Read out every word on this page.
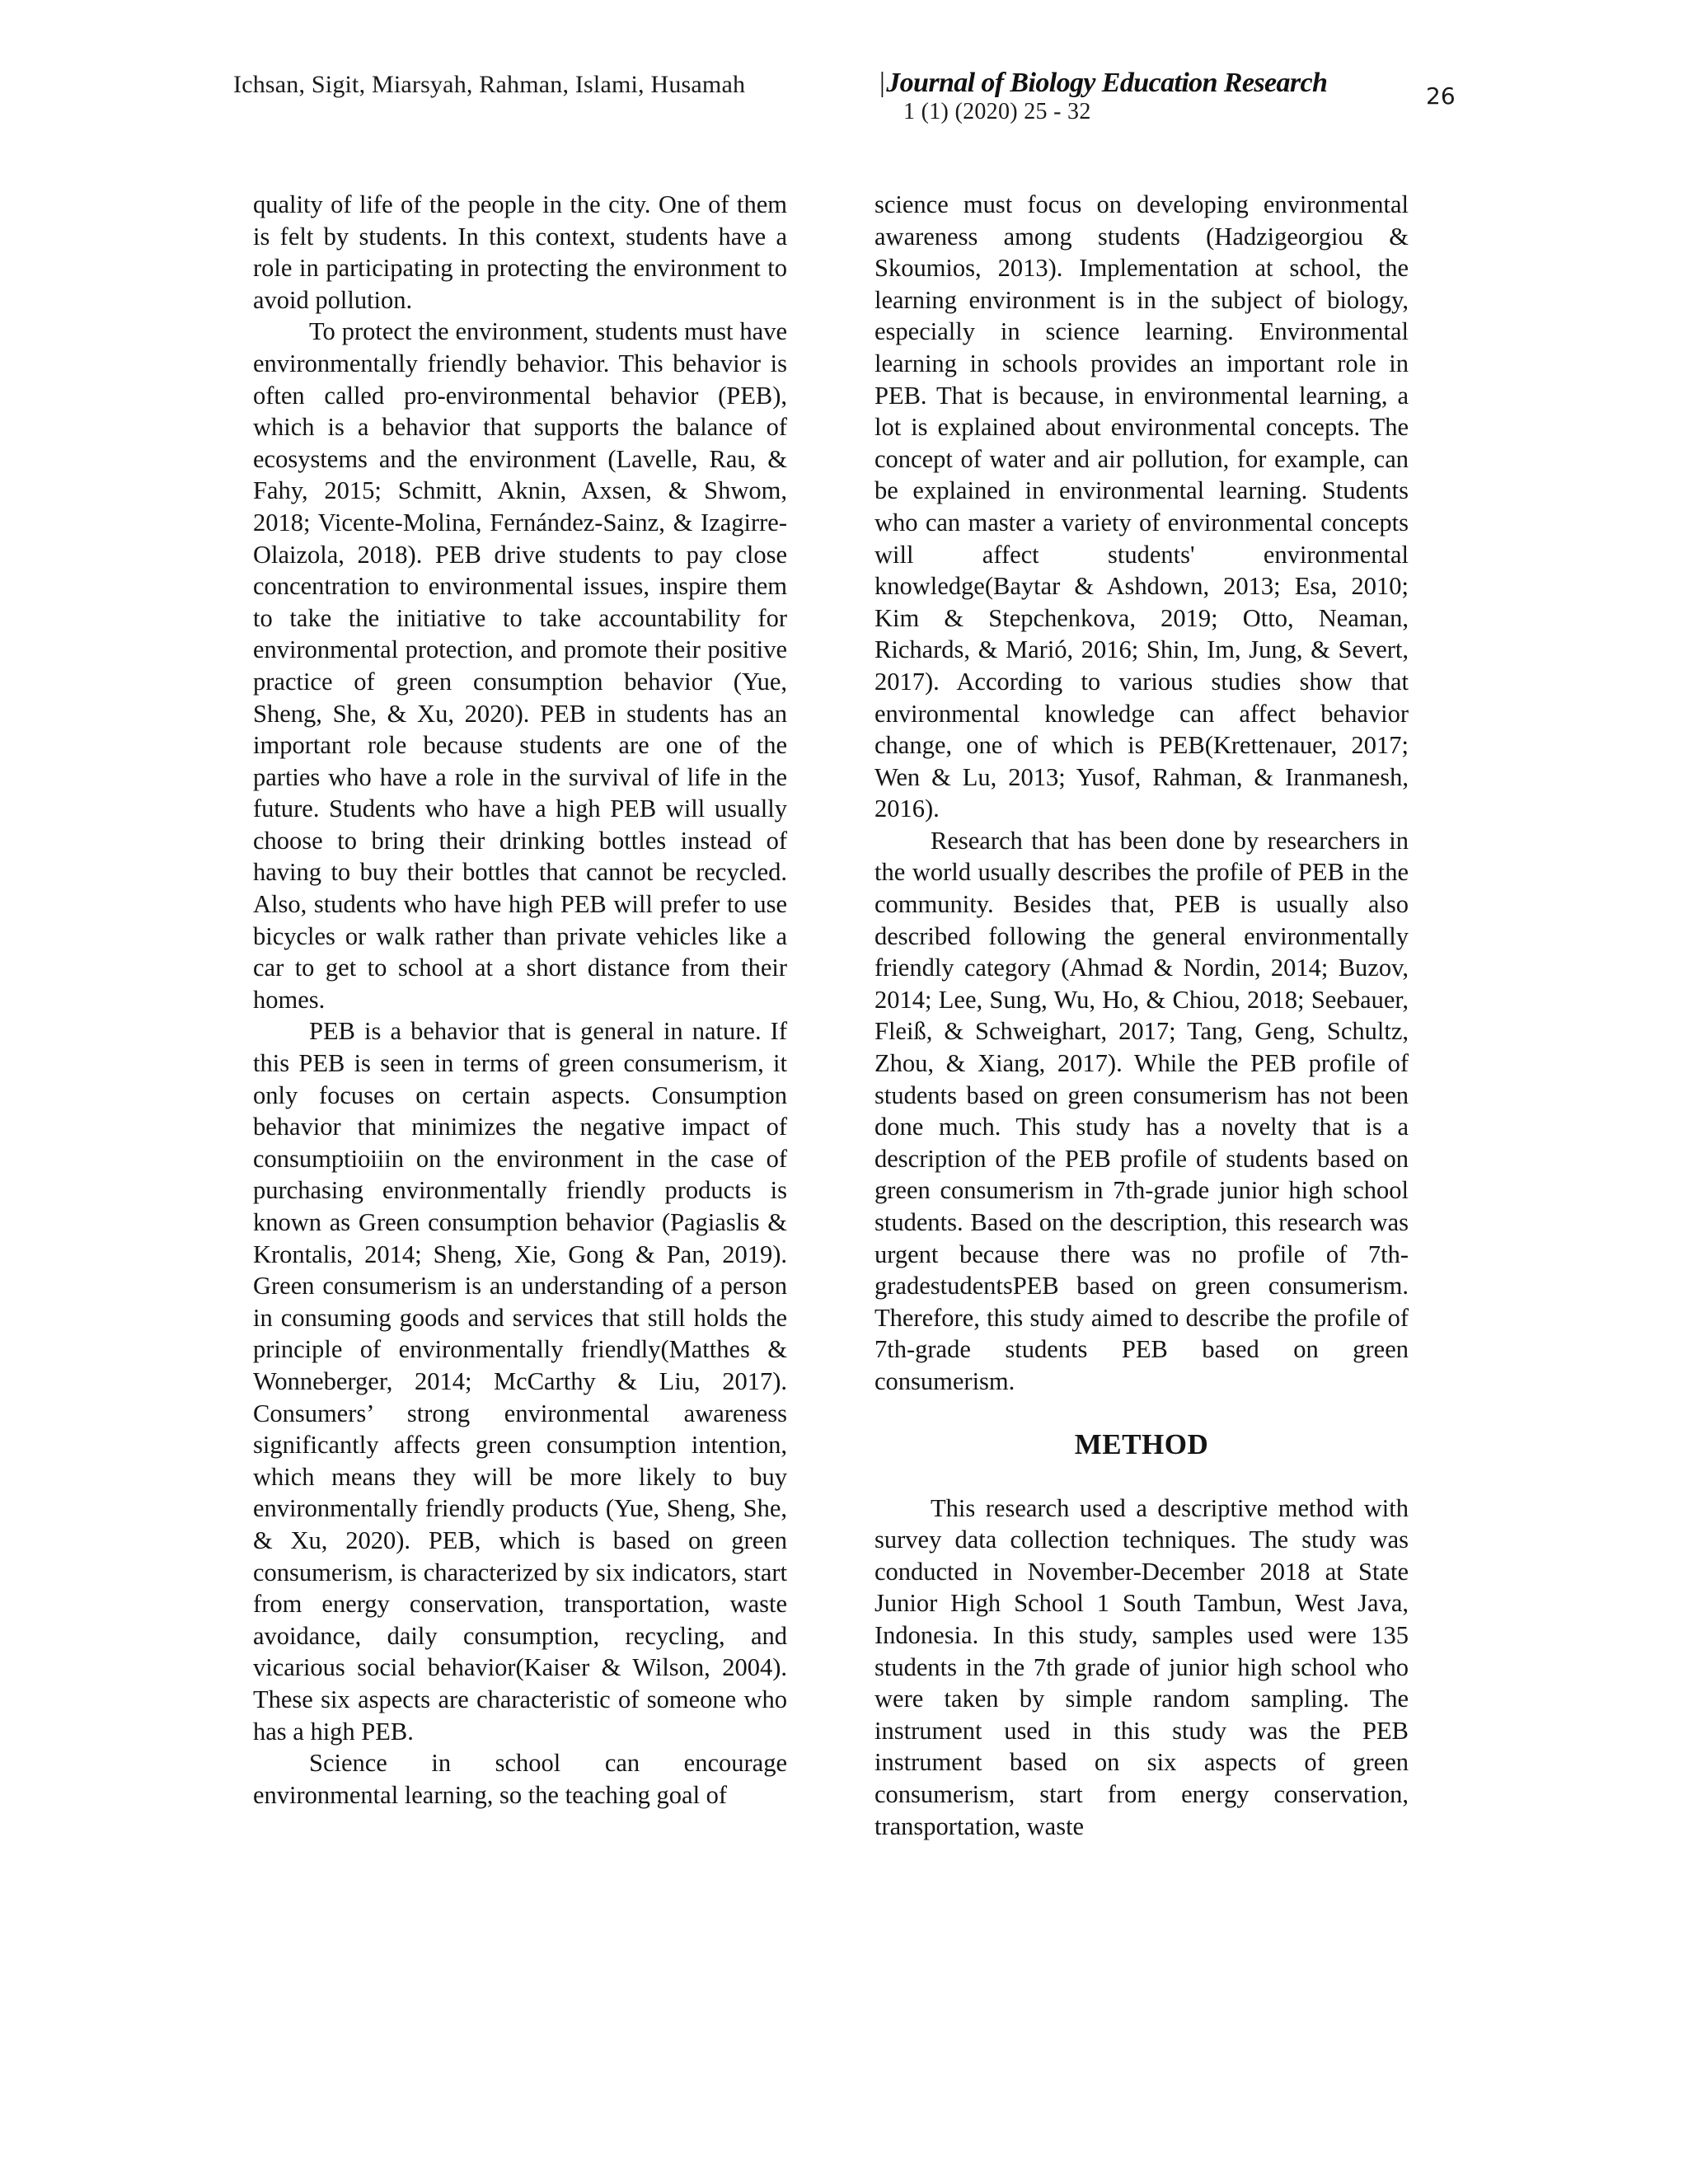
Ichsan, Sigit, Miarsyah, Rahman, Islami, Husamah	|Journal of Biology Education Research
1 (1) (2020) 25 - 32
26

quality of life of the people in the city. One of them is felt by students. In this context, students have a role in participating in protecting the environment to avoid pollution.

To protect the environment, students must have environmentally friendly behavior. This behavior is often called pro-environmental behavior (PEB), which is a behavior that supports the balance of ecosystems and the environment (Lavelle, Rau, & Fahy, 2015; Schmitt, Aknin, Axsen, & Shwom, 2018; Vicente-Molina, Fernández-Sainz, & Izagirre-Olaizola, 2018). PEB drive students to pay close concentration to environmental issues, inspire them to take the initiative to take accountability for environmental protection, and promote their positive practice of green consumption behavior (Yue, Sheng, She, & Xu, 2020). PEB in students has an important role because students are one of the parties who have a role in the survival of life in the future. Students who have a high PEB will usually choose to bring their drinking bottles instead of having to buy their bottles that cannot be recycled. Also, students who have high PEB will prefer to use bicycles or walk rather than private vehicles like a car to get to school at a short distance from their homes.

PEB is a behavior that is general in nature. If this PEB is seen in terms of green consumerism, it only focuses on certain aspects. Consumption behavior that minimizes the negative impact of consumptioiiin on the environment in the case of purchasing environmentally friendly products is known as Green consumption behavior (Pagiaslis & Krontalis, 2014; Sheng, Xie, Gong & Pan, 2019). Green consumerism is an understanding of a person in consuming goods and services that still holds the principle of environmentally friendly(Matthes & Wonneberger, 2014; McCarthy & Liu, 2017). Consumers’ strong environmental awareness significantly affects green consumption intention, which means they will be more likely to buy environmentally friendly products (Yue, Sheng, She, & Xu, 2020). PEB, which is based on green consumerism, is characterized by six indicators, start from energy conservation, transportation, waste avoidance, daily consumption, recycling, and vicarious social behavior(Kaiser & Wilson, 2004). These six aspects are characteristic of someone who has a high PEB.

Science in school can encourage environmental learning, so the teaching goal of

science must focus on developing environmental awareness among students (Hadzigeorgiou & Skoumios, 2013). Implementation at school, the learning environment is in the subject of biology, especially in science learning. Environmental learning in schools provides an important role in PEB. That is because, in environmental learning, a lot is explained about environmental concepts. The concept of water and air pollution, for example, can be explained in environmental learning. Students who can master a variety of environmental concepts will affect students' environmental knowledge(Baytar & Ashdown, 2013; Esa, 2010; Kim & Stepchenkova, 2019; Otto, Neaman, Richards, & Marió, 2016; Shin, Im, Jung, & Severt, 2017). According to various studies show that environmental knowledge can affect behavior change, one of which is PEB(Krettenauer, 2017; Wen & Lu, 2013; Yusof, Rahman, & Iranmanesh, 2016).

Research that has been done by researchers in the world usually describes the profile of PEB in the community. Besides that, PEB is usually also described following the general environmentally friendly category (Ahmad & Nordin, 2014; Buzov, 2014; Lee, Sung, Wu, Ho, & Chiou, 2018; Seebauer, Fleiß, & Schweighart, 2017; Tang, Geng, Schultz, Zhou, & Xiang, 2017). While the PEB profile of students based on green consumerism has not been done much. This study has a novelty that is a description of the PEB profile of students based on green consumerism in 7th-grade junior high school students. Based on the description, this research was urgent because there was no profile of 7th-gradestudentsPEB based on green consumerism. Therefore, this study aimed to describe the profile of 7th-grade students PEB based on green consumerism.

METHOD

This research used a descriptive method with survey data collection techniques. The study was conducted in November-December 2018 at State Junior High School 1 South Tambun, West Java, Indonesia. In this study, samples used were 135 students in the 7th grade of junior high school who were taken by simple random sampling. The instrument used in this study was the PEB instrument based on six aspects of green consumerism, start from energy conservation, transportation, waste
